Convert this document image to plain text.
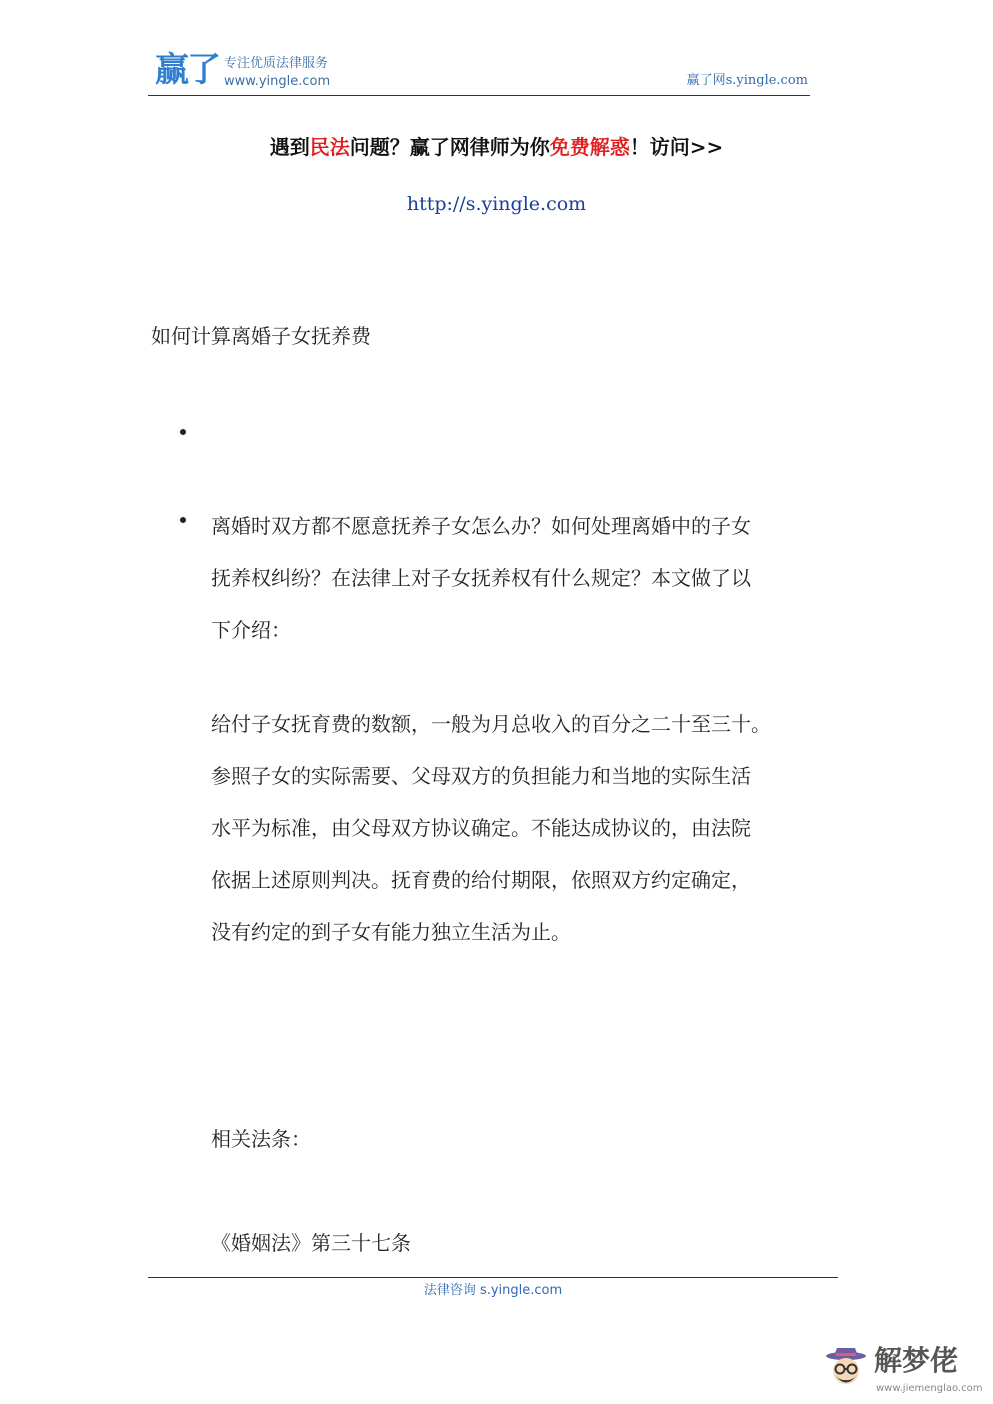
赢了 专注优质法律服务
www.yingle.com	赢了网s.yingle.com
遇到民法问题？赢了网律师为你免费解惑！访问>>
http://s.yingle.com
如何计算离婚子女抚养费
离婚时双方都不愿意抚养子女怎么办？如何处理离婚中的子女
抚养权纠纷？在法律上对子女抚养权有什么规定？本文做了以
下介绍：
给付子女抚育费的数额，一般为月总收入的百分之二十至三十。
参照子女的实际需要、父母双方的负担能力和当地的实际生活
水平为标准，由父母双方协议确定。不能达成协议的，由法院
依据上述原则判决。抚育费的给付期限，依照双方约定确定，
没有约定的到子女有能力独立生活为止。
相关法条：
《婚姻法》第三十七条
法律咨询 s.yingle.com
解梦佬
www.jiemenglao.com
